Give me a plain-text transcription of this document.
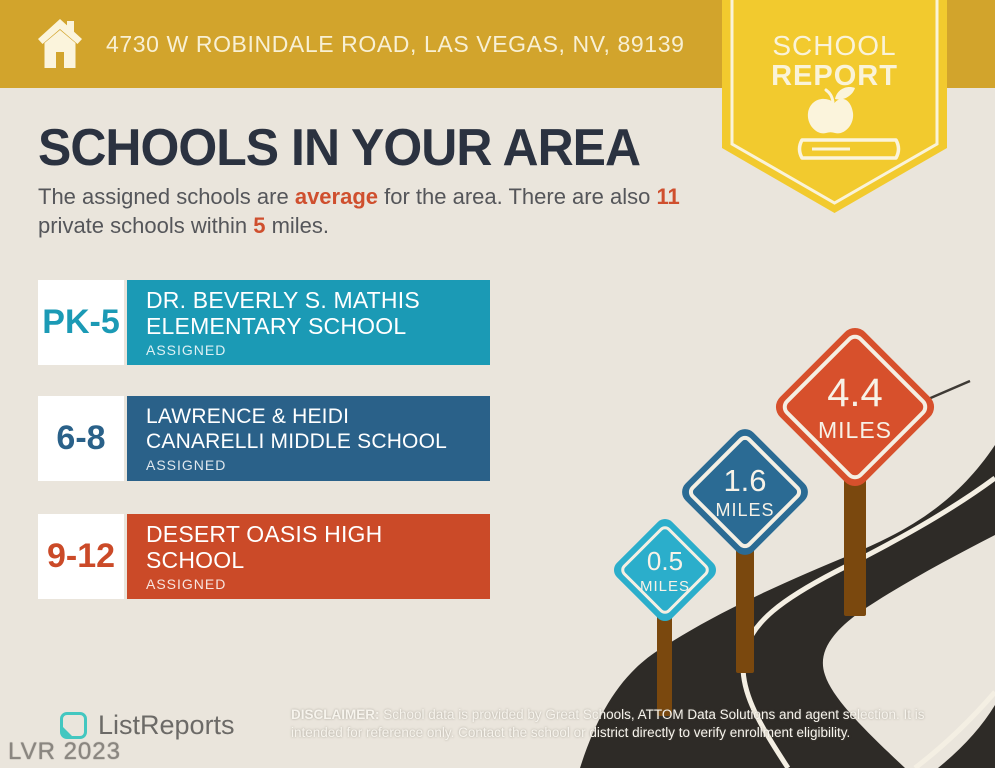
0.5
MILES
1.6
MILES
4.4
MILES
4730 W ROBINDALE ROAD, LAS VEGAS, NV, 89139	SCHOOL
REPORT
SCHOOLS IN YOUR AREA
The assigned schools are average for the area. There are also 11
private schools within 5 miles.
PK-5
DR. BEVERLY S. MATHIS
ELEMENTARY SCHOOL
ASSIGNED
6-8
LAWRENCE & HEIDI
CANARELLI MIDDLE SCHOOL
ASSIGNED
9-12
DESERT OASIS HIGH
SCHOOL
ASSIGNED
ListReports
LVR 2023
DISCLAIMER: School data is provided by Great Schools, ATTOM Data Solutions and agent selection. It is intended for reference only. Contact the school or district directly to verify enrollment eligibility.
